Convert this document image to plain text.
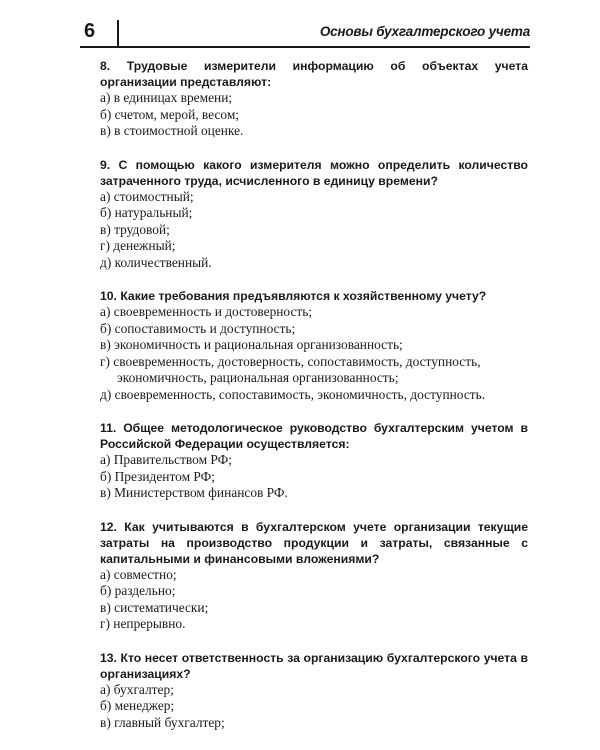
6	Основы бухгалтерского учета
8. Трудовые измерители информацию об объектах учета организации представляют:
а) в единицах времени;
б) счетом, мерой, весом;
в) в стоимостной оценке.
9. С помощью какого измерителя можно определить количество затраченного труда, исчисленного в единицу времени?
а) стоимостный;
б) натуральный;
в) трудовой;
г) денежный;
д) количественный.
10. Какие требования предъявляются к хозяйственному учету?
а) своевременность и достоверность;
б) сопоставимость и доступность;
в) экономичность и рациональная организованность;
г) своевременность, достоверность, сопоставимость, доступность, экономичность, рациональная организованность;
д) своевременность, сопоставимость, экономичность, доступность.
11. Общее методологическое руководство бухгалтерским учетом в Российской Федерации осуществляется:
а) Правительством РФ;
б) Президентом РФ;
в) Министерством финансов РФ.
12. Как учитываются в бухгалтерском учете организации текущие затраты на производство продукции и затраты, связанные с капитальными и финансовыми вложениями?
а) совместно;
б) раздельно;
в) систематически;
г) непрерывно.
13. Кто несет ответственность за организацию бухгалтерского учета в организациях?
а) бухгалтер;
б) менеджер;
в) главный бухгалтер;
